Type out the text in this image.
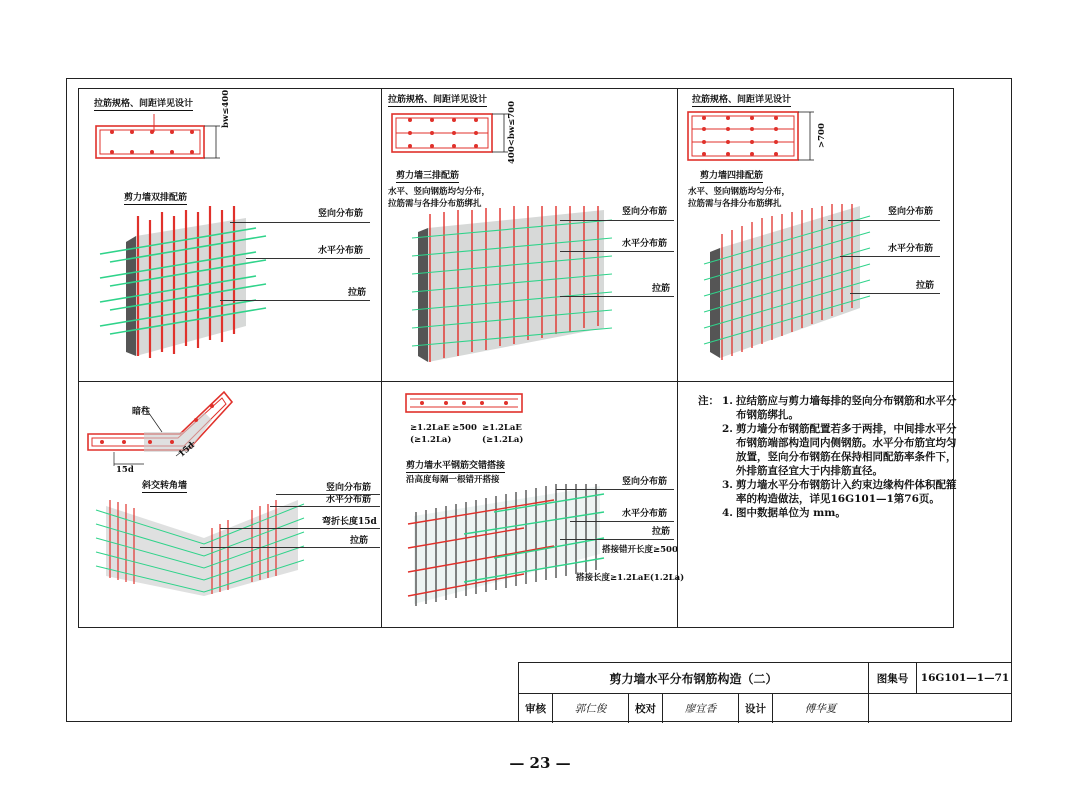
拉筋规格、间距详见设计	bw≤400
剪力墙双排配筋
竖向分布筋
水平分布筋
拉筋
拉筋规格、间距详见设计
400<bw≤700
剪力墙三排配筋
水平、竖向钢筋均匀分布，
拉筋需与各排分布筋绑扎
竖向分布筋
水平分布筋
拉筋
拉筋规格、间距详见设计
>700
剪力墙四排配筋
水平、竖向钢筋均匀分布，
拉筋需与各排分布筋绑扎
竖向分布筋
水平分布筋
拉筋
暗柱
15d
15d
斜交转角墙	竖向分布筋
水平分布筋
弯折长度15d
拉筋
≥1.2LaE
(≥1.2La)
≥500 ≥1.2LaE
(≥1.2La)
剪力墙水平钢筋交错搭接
沿高度每隔一根错开搭接	竖向分布筋
水平分布筋
拉筋
搭接错开长度≥500
搭接长度≥1.2LaE(1.2La)
注： 1. 拉结筋应与剪力墙每排的竖向分布钢筋和水平分布钢筋绑扎。
2. 剪力墙分布钢筋配置若多于两排，中间排水平分布钢筋端部构造同内侧钢筋。水平分布筋宜均匀放置，竖向分布钢筋在保持相同配筋率条件下，外排筋直径宜大于内排筋直径。
3. 剪力墙水平分布钢筋计入约束边缘构件体积配箍率的构造做法，详见16G101—1第76页。
4. 图中数据单位为 mm。
剪力墙水平分布钢筋构造（二）	图集号	16G101—1—71
审核	郭仁俊	校对	廖宜香	设计	傅华夏
— 23 —
